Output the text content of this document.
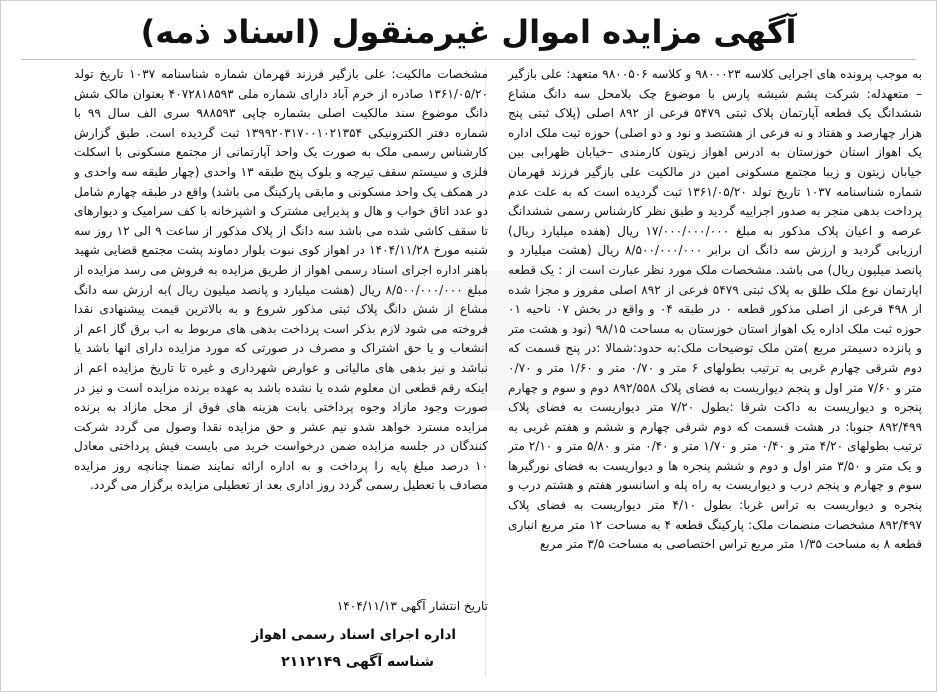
آگهی مزایده اموال غیرمنقول (اسناد ذمه)

به موجب پرونده های اجرایی کلاسه ۹۸۰۰۰۲۳ و کلاسه ۹۸۰۰۵۰۶ متعهد: علی بازگیر – متعهدله: شرکت پشم شیشه پارس با موضوع چک بلامحل سه دانگ مشاع ششدانگ یک قطعه آپارتمان پلاک ثبتی ۵۴۷۹ فرعی از ۸۹۲ اصلی (پلاک ثبتی پنج هزار چهارصد و هفتاد و نه فرعی از هشتصد و نود و دو اصلی) حوزه ثبت ملک اداره یک اهواز استان خوزستان به ادرس اهواز زیتون کارمندی –خیابان ظهرابی بین خیابان زیتون و زیبا مجتمع مسکونی امین در مالکیت علی بازگیر فرزند قهرمان شماره شناسنامه ۱۰۳۷ تاریخ تولد ۱۳۶۱/۰۵/۲۰ ثبت گردیده است که به علت عدم پرداخت بدهی منجر به صدور اجراییه گردید و طبق نظر کارشناس رسمی ششدانگ عرصه و اعیان پلاک مذکور به مبلغ ۱۷/۰۰۰/۰۰۰/۰۰۰ ریال (هفده میلیارد ریال) ارزیابی گردید و ارزش سه دانگ ان برابر ۸/۵۰۰/۰۰۰/۰۰۰ ریال (هشت میلیارد و پانصد میلیون ریال) می باشد. مشخصات ملک مورد نظر عبارت است از : یک قطعه اپارتمان نوع ملک طلق به پلاک ثبتی ۵۴۷۹ فرعی از ۸۹۲ اصلی مفروز و مجزا شده از ۴۹۸ فرعی از اصلی مذکور قطعه ۰ در طبقه ۰۴ و واقع در بخش ۰۷ ناحیه ۰۱ حوزه ثبت ملک اداره یک اهواز استان خوزستان به مساحت ۹۸/۱۵ (نود و هشت متر و پانزده دسیمتر مربع )متن ملک توضیحات ملک:به حدود:شمالا :در پنج قسمت که دوم شرقی چهارم غربی به ترتیب بطولهای ۶ متر و ۰/۷۰ متر و ۱/۶۰ متر و ۰/۷۰ متر و ۷/۶۰ متر اول و پنجم دیواریست به فضای پلاک ۸۹۲/۵۵۸ دوم و سوم و چهارم پنجره و دیواریست به داکت شرقا :بطول ۷/۲۰ متر دیواریست به فضای پلاک ۸۹۲/۴۹۹ جنوبا: در هشت قسمت که دوم شرقی چهارم و ششم و هفتم غربی به ترتیب بطولهای ۴/۲۰ متر و ۰/۴۰ متر و ۱/۷۰ متر و ۰/۴۰ متر و ۵/۸۰ متر و ۲/۱۰ متر و یک متر و ۳/۵۰ متر اول و دوم و ششم پنجره ها و دیواریست به فضای نورگیرها سوم و چهارم و پنجم درب و دیواریست به راه پله و اسانسور هفتم و هشتم درب و پنجره و دیواریست به تراس غربا: بطول ۴/۱۰ متر دیواریست به فضای پلاک ۸۹۲/۴۹۷ مشخصات منضمات ملک: پارکینگ قطعه ۴ به مساحت ۱۲ متر مربع انباری قطعه ۸ به مساحت ۱/۳۵ متر مربع تراس اختصاصی به مساحت ۳/۵ متر مربع

مشخصات مالکیت: علی بازگیر فرزند قهرمان شماره شناسنامه ۱۰۳۷ تاریخ تولد ۱۳۶۱/۰۵/۲۰ صادره از خرم آباد دارای شماره ملی ۴۰۷۲۸۱۸۵۹۳ بعنوان مالک شش دانگ موضوع سند مالکیت اصلی بشماره چاپی ۹۸۸۵۹۳ سری الف سال ۹۹ با شماره دفتر الکترونیکی ۱۳۹۹۲۰۳۱۷۰۰۱۰۲۱۳۵۴ ثبت گردیده است. طبق گزارش کارشناس رسمی ملک به صورت یک واحد آپارتمانی از مجتمع مسکونی با اسکلت فلزی و سیستم سقف تیرچه و بلوک پنج طبقه ۱۳ واحدی (چهار طبقه سه واحدی و در همکف یک واحد مسکونی و مابقی پارکینگ می باشد) واقع در طبقه چهارم شامل دو عدد اتاق خواب و هال و پذیرایی مشترک و اشپزخانه با کف سرامیک و دیوارهای تا سقف کاشی شده می باشد سه دانگ از پلاک مذکور از ساعت ۹ الی ۱۲ روز سه شنبه مورخ ۱۴۰۴/۱۱/۲۸ در اهواز کوی نبوت بلوار دماوند پشت مجتمع قضایی شهید باهنر اداره اجرای اسناد رسمی اهواز از طریق مزایده به فروش می رسد مزایده از مبلغ ۸/۵۰۰/۰۰۰/۰۰۰ ریال (هشت میلیارد و پانصد میلیون ریال )به ارزش سه دانگ مشاع از شش دانگ پلاک ثبتی مذکور شروع و به بالاترین قیمت پیشنهادی نقدا فروخته می شود لازم بذکر است پرداخت بدهی های مربوط به اب برق گاز اعم از انشعاب و یا حق اشتراک و مصرف در صورتی که مورد مزایده دارای انها باشد یا نباشد و نیز بدهی های مالیاتی و عوارض شهرداری و غیره تا تاریخ مزایده اعم از اینکه رقم قطعی ان معلوم شده یا نشده باشد به عهده برنده مزایده است و نیز در صورت وجود مازاد وجوه پرداختی بابت هزینه های فوق از محل مازاد به برنده مزایده مسترد خواهد شدو نیم عشر و حق مزایده نقدا وصول می گردد شرکت کنندگان در جلسه مزایده ضمن درخواست خرید می بایست فیش پرداختی معادل ۱۰ درصد مبلغ پایه را پرداخت و به اداره ارائه نمایند ضمنا چنانچه روز مزایده مصادف با تعطیل رسمی گردد روز اداری بعد از تعطیلی مزایده برگزار می گردد.

تاریخ انتشار آگهی ۱۴۰۴/۱۱/۱۳
اداره اجرای اسناد رسمی اهواز
شناسه آگهی ۲۱۱۲۱۴۹
